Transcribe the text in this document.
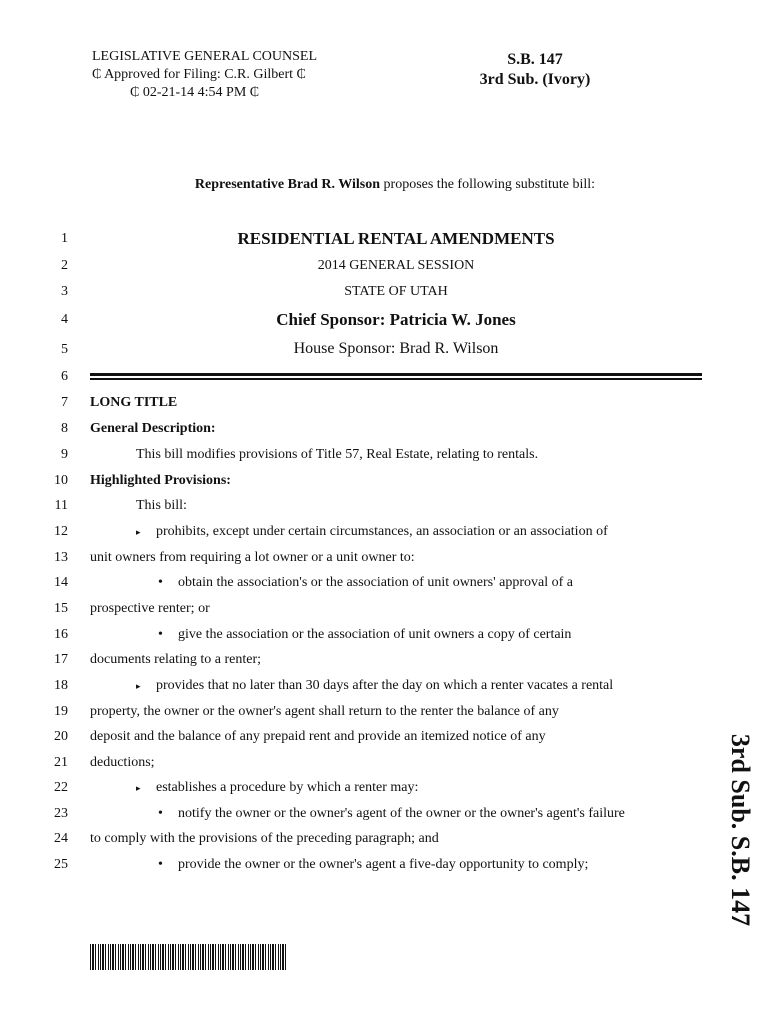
LEGISLATIVE GENERAL COUNSEL
₵ Approved for Filing: C.R. Gilbert ₵
₵ 02-21-14 4:54 PM ₵
S.B. 147
3rd Sub. (Ivory)
Representative Brad R. Wilson proposes the following substitute bill:
1
2
3
4
5
6
7
8
9
10
11
12
13
14
15
16
17
18
19
20
21
22
23
24
25
RESIDENTIAL RENTAL AMENDMENTS
2014 GENERAL SESSION
STATE OF UTAH
Chief Sponsor: Patricia W. Jones
House Sponsor: Brad R. Wilson
LONG TITLE
General Description:
This bill modifies provisions of Title 57, Real Estate, relating to rentals.
Highlighted Provisions:
This bill:
▸ prohibits, except under certain circumstances, an association or an association of
unit owners from requiring a lot owner or a unit owner to:
• obtain the association's or the association of unit owners' approval of a
prospective renter; or
• give the association or the association of unit owners a copy of certain
documents relating to a renter;
▸ provides that no later than 30 days after the day on which a renter vacates a rental
property, the owner or the owner's agent shall return to the renter the balance of any
deposit and the balance of any prepaid rent and provide an itemized notice of any
deductions;
▸ establishes a procedure by which a renter may:
• notify the owner or the owner's agent of the owner or the owner's agent's failure
to comply with the provisions of the preceding paragraph; and
• provide the owner or the owner's agent a five-day opportunity to comply;	3rd Sub. S.B. 147
